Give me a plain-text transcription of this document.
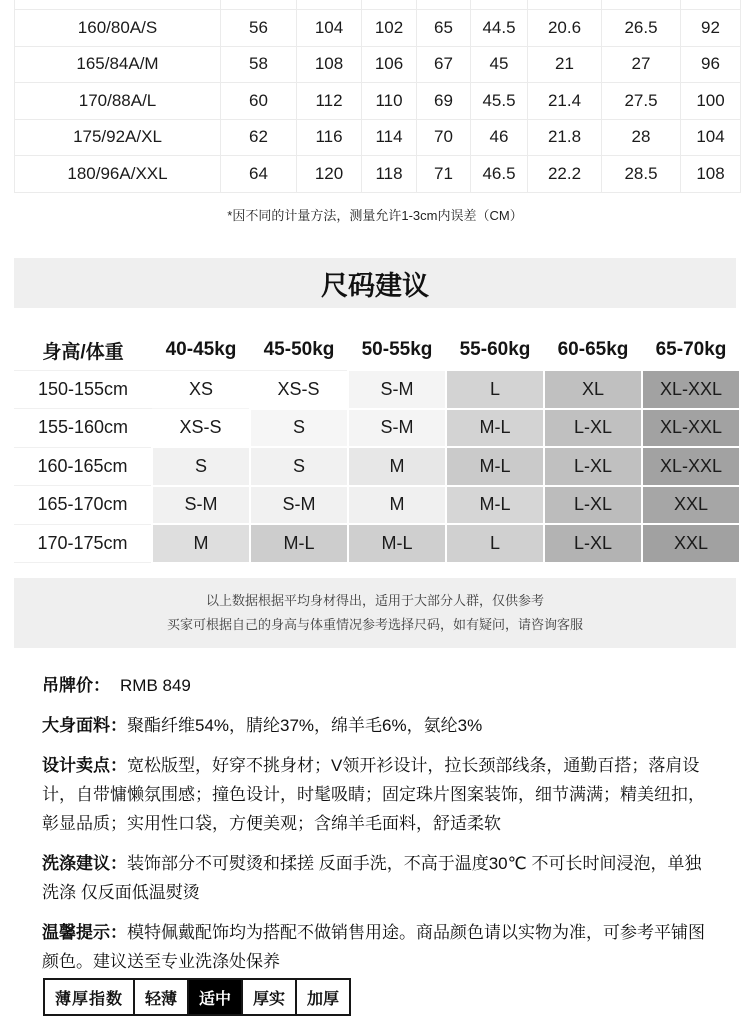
160/80A/S	56	104	102	65	44.5	20.6	26.5	92
165/84A/M	58	108	106	67	45	21	27	96
170/88A/L	60	112	110	69	45.5	21.4	27.5	100
175/92A/XL	62	116	114	70	46	21.8	28	104
180/96A/XXL	64	120	118	71	46.5	22.2	28.5	108
*因不同的计量方法，测量允许1-3cm内误差（CM）
尺码建议
身高/体重	40-45kg	45-50kg	50-55kg	55-60kg	60-65kg	65-70kg
150-155cm	XS	XS-S	S-M	L	XL	XL-XXL
155-160cm	XS-S	S	S-M	M-L	L-XL	XL-XXL
160-165cm	S	S	M	M-L	L-XL	XL-XXL
165-170cm	S-M	S-M	M	M-L	L-XL	XXL
170-175cm	M	M-L	M-L	L	L-XL	XXL
以上数据根据平均身材得出，适用于大部分人群，仅供参考
买家可根据自己的身高与体重情况参考选择尺码，如有疑问，请咨询客服

吊牌价： RMB 849

大身面料：聚酯纤维54%，腈纶37%，绵羊毛6%，氨纶3%

设计卖点：宽松版型，好穿不挑身材；V领开衫设计，拉长颈部线条，通勤百搭；落肩设计，自带慵懒氛围感；撞色设计，时髦吸睛；固定珠片图案装饰，细节满满；精美纽扣，彰显品质；实用性口袋，方便美观；含绵羊毛面料，舒适柔软

洗涤建议：装饰部分不可熨烫和揉搓 反面手洗，不高于温度30℃ 不可长时间浸泡，单独洗涤 仅反面低温熨烫

温馨提示：模特佩戴配饰均为搭配不做销售用途。商品颜色请以实物为准，可参考平铺图颜色。建议送至专业洗涤处保养

薄厚指数	轻薄	适中	厚实	加厚
